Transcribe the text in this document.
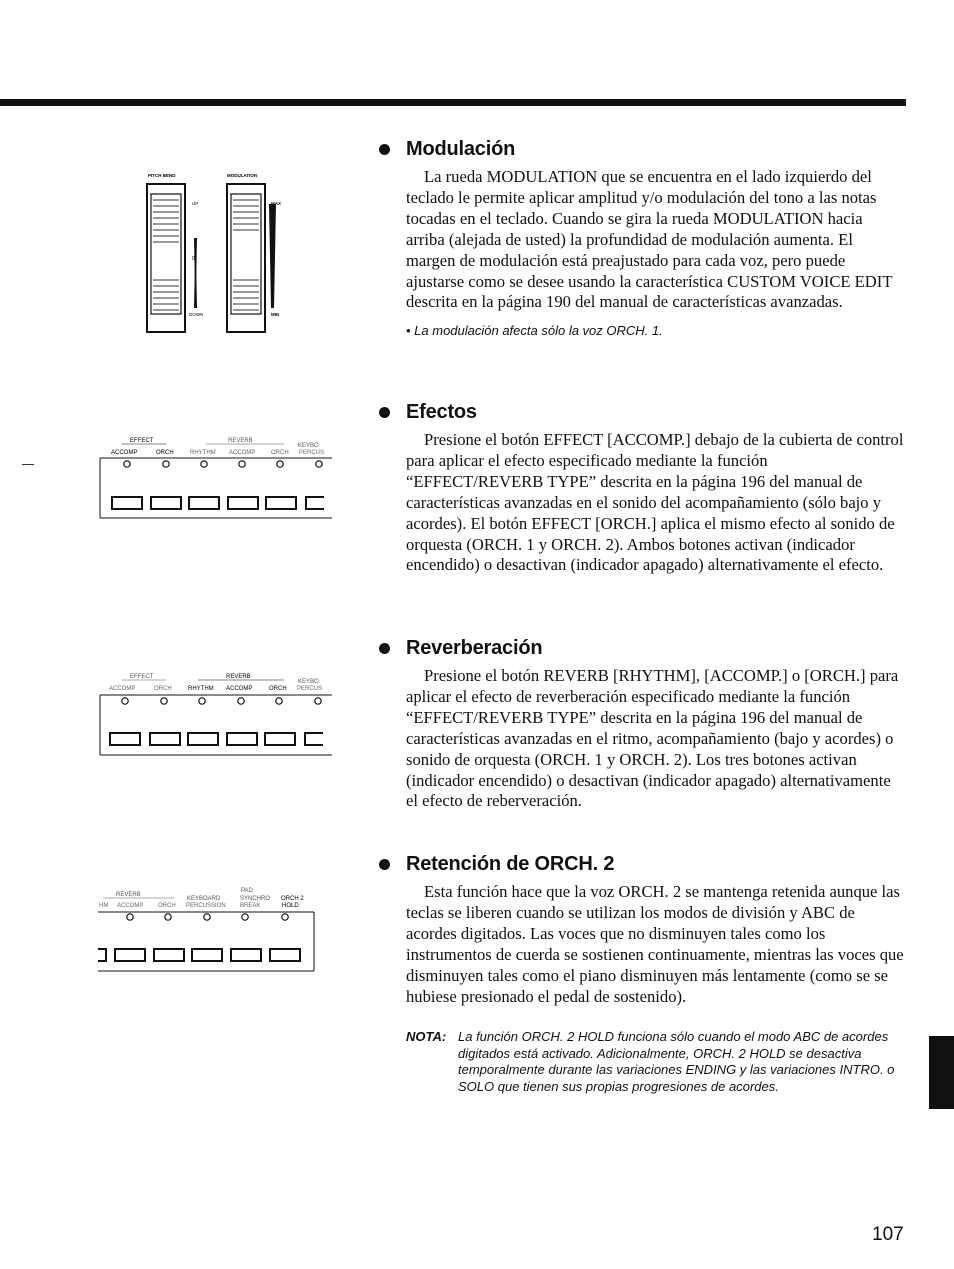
PITCH BEND	MODULATION
UP
0
DOWN
MAX
MIN
EFFECT	REVERB
KEYBO
ACCOMP	ORCH	RHYTHM ACCOMP	ORCH PERCUS
EFFECT	REVERB
KEYBO
ACCOMP	ORCH	RHYTHM ACCOMP	ORCH PERCUS
REVERB
PAD
KEYBOARD	SYNCHRO ORCH 2
HM ACCOMP ORCH PERCUSSION BREAK	HOLD
Modulación

La rueda MODULATION que se encuentra en el lado izquierdo del teclado le permite aplicar amplitud y/o modulación del tono a las notas tocadas en el teclado. Cuando se gira la rueda MODULATION hacia arriba (alejada de usted) la profundidad de modulación aumenta. El margen de modulación está preajustado para cada voz, pero puede ajustarse como se desee usando la característica CUSTOM VOICE EDIT descrita en la página 190 del manual de características avanzadas.

• La modulación afecta sólo la voz ORCH. 1.

Efectos

Presione el botón EFFECT [ACCOMP.] debajo de la cubierta de control para aplicar el efecto especificado mediante la función “EFFECT/REVERB TYPE” descrita en la página 196 del manual de características avanzadas en el sonido del acompañamiento (sólo bajo y acordes). El botón EFFECT [ORCH.] aplica el mismo efecto al sonido de orquesta (ORCH. 1 y ORCH. 2). Ambos botones activan (indicador encendido) o desactivan (indicador apagado) alternativamente el efecto.

Reverberación

Presione el botón REVERB [RHYTHM], [ACCOMP.] o [ORCH.] para aplicar el efecto de reverberación especificado mediante la función “EFFECT/REVERB TYPE” descrita en la página 196 del manual de características avanzadas en el ritmo, acompañamiento (bajo y acordes) o sonido de orquesta (ORCH. 1 y ORCH. 2). Los tres botones activan (indicador encendido) o desactivan (indicador apagado) alternativamente el efecto de reberveración.

Retención de ORCH. 2

Esta función hace que la voz ORCH. 2 se mantenga retenida aunque las teclas se liberen cuando se utilizan los modos de división y ABC de acordes digitados. Las voces que no disminuyen tales como los instrumentos de cuerda se sostienen continuamente, mientras las voces que disminuyen tales como el piano disminuyen más lentamente (como se se hubiese presionado el pedal de sostenido).

NOTA: La función ORCH. 2 HOLD funciona sólo cuando el modo ABC de acordes digitados está activado. Adicionalmente, ORCH. 2 HOLD se desactiva temporalmente durante las variaciones ENDING y las variaciones INTRO. o SOLO que tienen sus propias progresiones de acordes.
107
